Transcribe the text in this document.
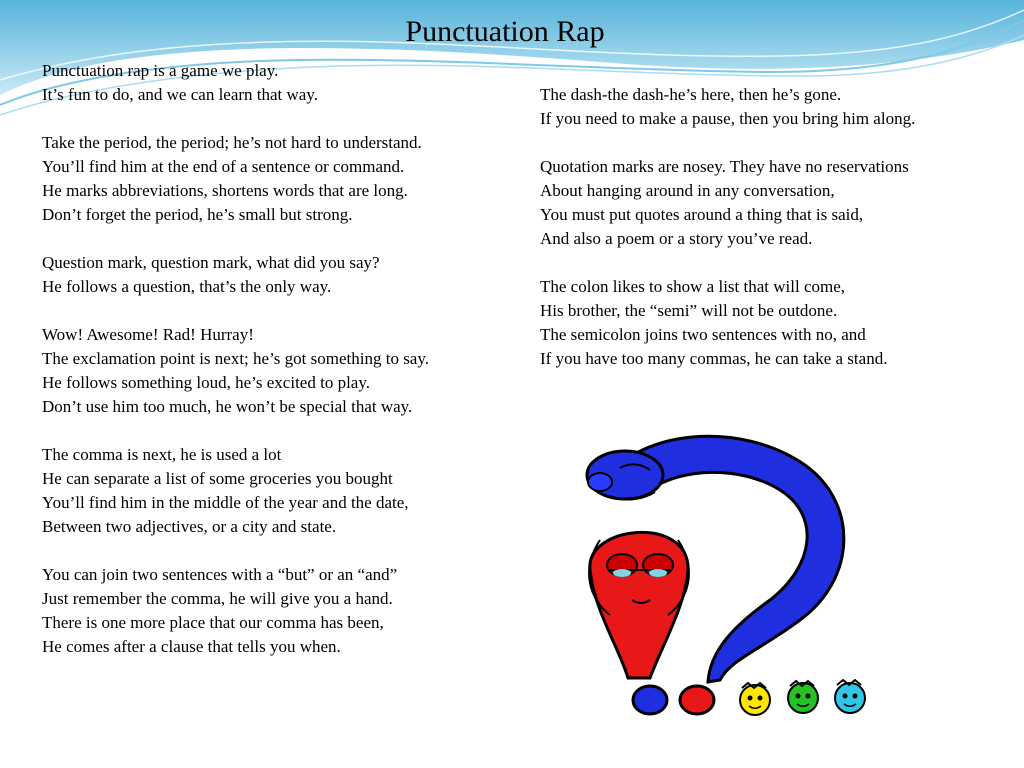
Punctuation Rap
Punctuation rap is a game we play.
It’s fun to do, and we can learn that way.
Take the period, the period; he’s not hard to understand.
You’ll find him at the end of a sentence or command.
He marks abbreviations, shortens words that are long.
Don’t forget the period, he’s small but strong.
Question mark, question mark, what did you say?
He follows a question, that’s the only way.
Wow! Awesome! Rad! Hurray!
The exclamation point is next; he’s got something to say.
He follows something loud, he’s excited to play.
Don’t use him too much, he won’t be special that way.
The comma is next, he is used a lot
He can separate a list of some groceries you bought
You’ll find him in the middle of the year and the date,
Between two adjectives, or a city and state.
You can join two sentences with a “but” or an “and”
Just remember the comma, he will give you a hand.
There is one more place that our comma has been,
He comes after a clause that tells you when.
The dash-the dash-he’s here, then he’s gone.
If you need to make a pause, then you bring him along.
Quotation marks are nosey. They have no reservations
About hanging around in any conversation,
You must put quotes around a thing that is said,
And also a poem or a story you’ve read.
The colon likes to show a list that will come,
His brother, the “semi” will not be outdone.
The semicolon joins two sentences with no, and
If you have too many commas, he can take a stand.
